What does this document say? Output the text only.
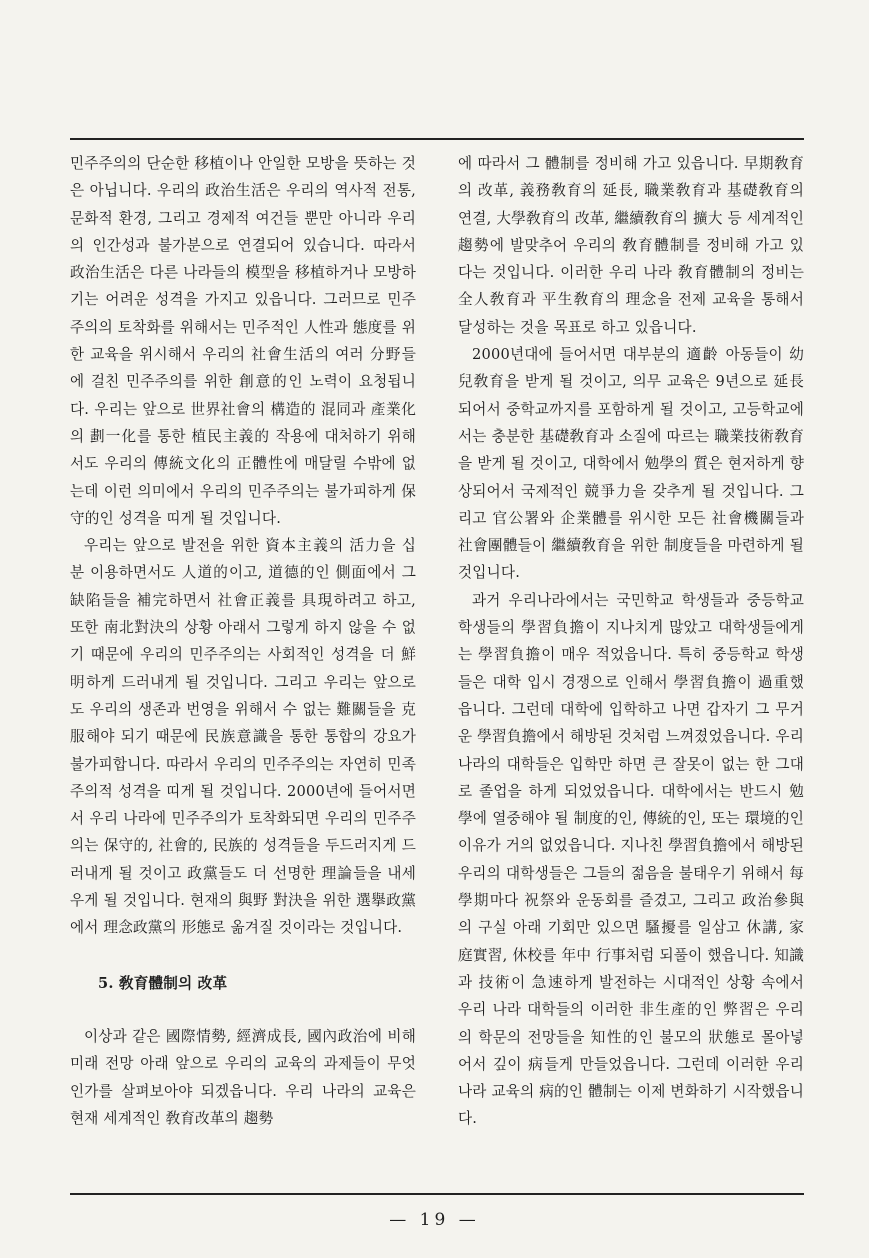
민주주의의 단순한 移植이나 안일한 모방을 뜻하는 것은 아닙니다. 우리의 政治生活은 우리의 역사적 전통, 문화적 환경, 그리고 경제적 여건들 뿐만 아니라 우리의 인간성과 불가분으로 연결되어 있습니다. 따라서 政治生活은 다른 나라들의 模型을 移植하거나 모방하기는 어려운 성격을 가지고 있읍니다. 그러므로 민주주의의 토착화를 위해서는 민주적인 人性과 態度를 위한 교육을 위시해서 우리의 社會生活의 여러 分野들에 걸친 민주주의를 위한 創意的인 노력이 요청됩니다. 우리는 앞으로 世界社會의 構造的 混同과 產業化의 劃一化를 통한 植民主義的 작용에 대처하기 위해서도 우리의 傳統文化의 正體性에 매달릴 수밖에 없는데 이런 의미에서 우리의 민주주의는 불가피하게 保守的인 성격을 띠게 될 것입니다.

우리는 앞으로 발전을 위한 資本主義의 活力을 십분 이용하면서도 人道的이고, 道德的인 側面에서 그 缺陷들을 補完하면서 社會正義를 具現하려고 하고, 또한 南北對決의 상황 아래서 그렇게 하지 않을 수 없기 때문에 우리의 민주주의는 사회적인 성격을 더 鮮明하게 드러내게 될 것입니다. 그리고 우리는 앞으로도 우리의 생존과 번영을 위해서 수 없는 難關들을 克服해야 되기 때문에 民族意識을 통한 통합의 강요가 불가피합니다. 따라서 우리의 민주주의는 자연히 민족주의적 성격을 띠게 될 것입니다. 2000년에 들어서면서 우리 나라에 민주주의가 토착화되면 우리의 민주주의는 保守的, 社會的, 民族的 성격들을 두드러지게 드러내게 될 것이고 政黨들도 더 선명한 理論들을 내세우게 될 것입니다. 현재의 與野 對決을 위한 選擧政黨에서 理念政黨의 形態로 옮겨질 것이라는 것입니다.

5. 敎育體制의 改革

이상과 같은 國際情勢, 經濟成長, 國內政治에 비해 미래 전망 아래 앞으로 우리의 교육의 과제들이 무엇인가를 살펴보아야 되겠읍니다. 우리 나라의 교육은 현재 세계적인 敎育改革의 趨勢

에 따라서 그 體制를 정비해 가고 있읍니다. 早期敎育의 改革, 義務敎育의 延長, 職業敎育과 基礎敎育의 연결, 大學敎育의 改革, 繼續敎育의 擴大 등 세계적인 趨勢에 발맞추어 우리의 敎育體制를 정비해 가고 있다는 것입니다. 이러한 우리 나라 敎育體制의 정비는 全人敎育과 平生敎育의 理念을 전제 교육을 통해서 달성하는 것을 목표로 하고 있읍니다.

2000년대에 들어서면 대부분의 適齡 아동들이 幼兒敎育을 받게 될 것이고, 의무 교육은 9년으로 延長되어서 중학교까지를 포함하게 될 것이고, 고등학교에서는 충분한 基礎敎育과 소질에 따르는 職業技術敎育을 받게 될 것이고, 대학에서 勉學의 質은 현저하게 향상되어서 국제적인 競爭力을 갖추게 될 것입니다. 그리고 官公署와 企業體를 위시한 모든 社會機關들과 社會團體들이 繼續敎育을 위한 制度들을 마련하게 될 것입니다.

과거 우리나라에서는 국민학교 학생들과 중등학교 학생들의 學習負擔이 지나치게 많았고 대학생들에게는 學習負擔이 매우 적었읍니다. 특히 중등학교 학생들은 대학 입시 경쟁으로 인해서 學習負擔이 過重했읍니다. 그런데 대학에 입학하고 나면 갑자기 그 무거운 學習負擔에서 해방된 것처럼 느껴졌었읍니다. 우리 나라의 대학들은 입학만 하면 큰 잘못이 없는 한 그대로 졸업을 하게 되었었읍니다. 대학에서는 반드시 勉學에 열중해야 될 制度的인, 傳統的인, 또는 環境的인 이유가 거의 없었읍니다. 지나친 學習負擔에서 해방된 우리의 대학생들은 그들의 젊음을 불태우기 위해서 每學期마다 祝祭와 운동회를 즐겼고, 그리고 政治參與의 구실 아래 기회만 있으면 騷擾를 일삼고 休講, 家庭實習, 休校를 年中 行事처럼 되풀이 했읍니다. 知識과 技術이 急速하게 발전하는 시대적인 상황 속에서 우리 나라 대학들의 이러한 非生產的인 弊習은 우리의 학문의 전망들을 知性的인 불모의 狀態로 몰아넣어서 깊이 病들게 만들었읍니다. 그런데 이러한 우리 나라 교육의 病的인 體制는 이제 변화하기 시작했읍니다.

— 19 —
